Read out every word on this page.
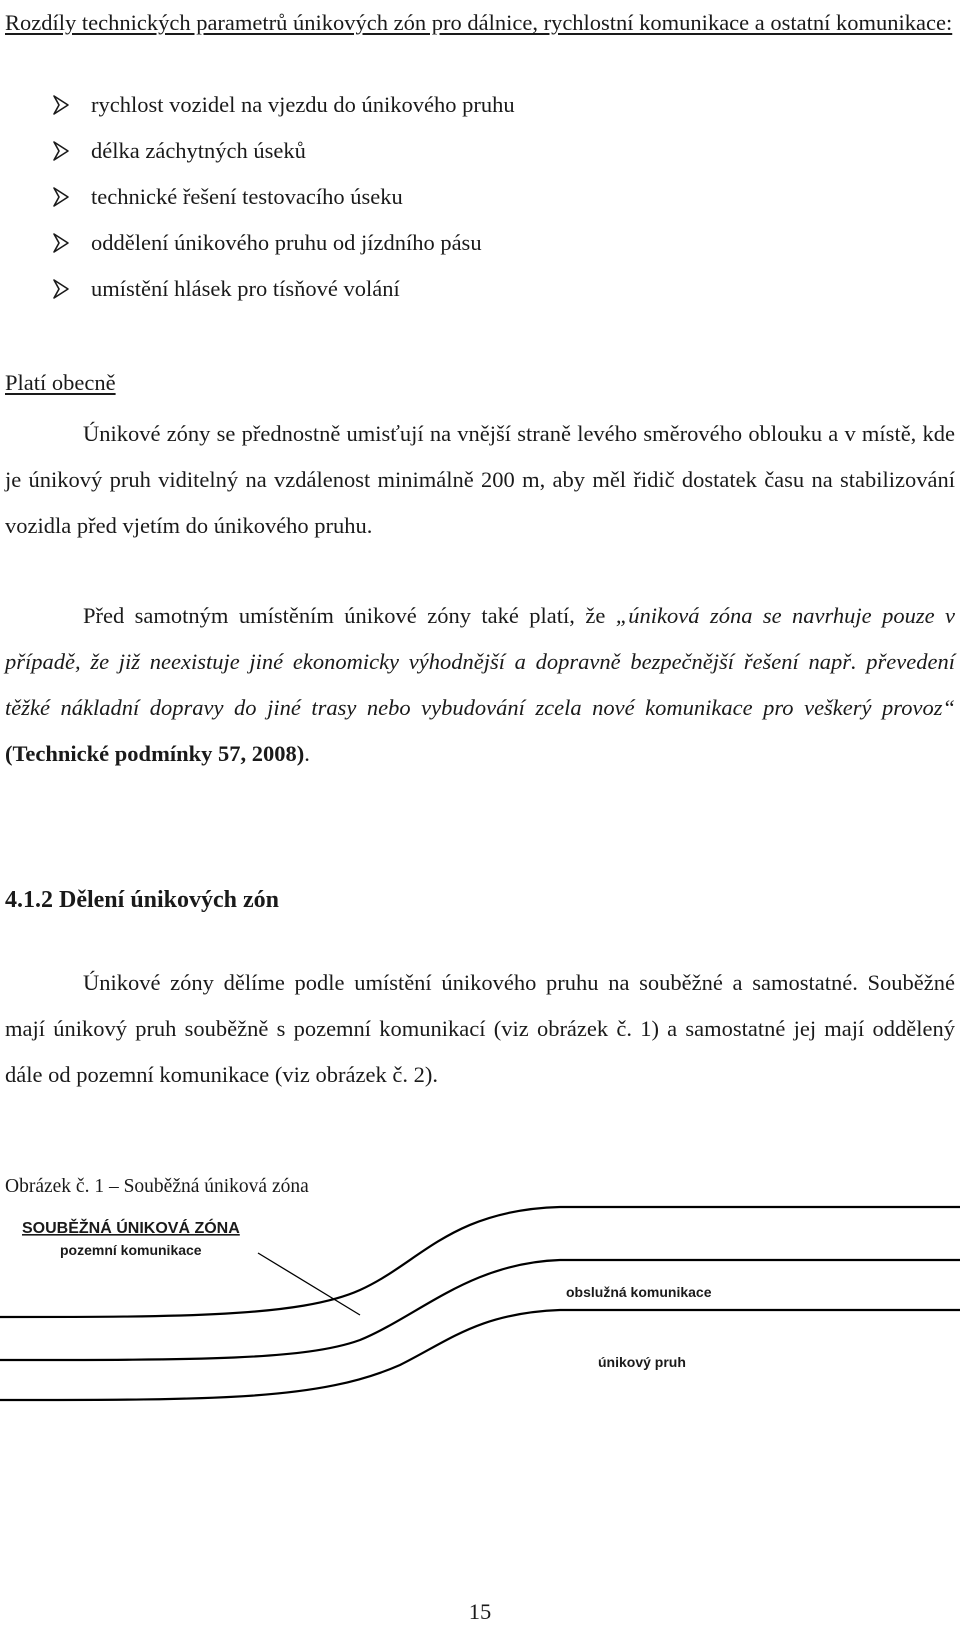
Rozdíly technických parametrů únikových zón pro dálnice, rychlostní komunikace a ostatní komunikace:

rychlost vozidel na vjezdu do únikového pruhu
délka záchytných úseků
technické řešení testovacího úseku
oddělení únikového pruhu od jízdního pásu
umístění hlásek pro tísňové volání

Platí obecně

Únikové zóny se přednostně umisťují na vnější straně levého směrového oblouku a v místě, kde je únikový pruh viditelný na vzdálenost minimálně 200 m, aby měl řidič dostatek času na stabilizování vozidla před vjetím do únikového pruhu.

Před samotným umístěním únikové zóny také platí, že „úniková zóna se navrhuje pouze v případě, že již neexistuje jiné ekonomicky výhodnější a dopravně bezpečnější řešení např. převedení těžké nákladní dopravy do jiné trasy nebo vybudování zcela nové komunikace pro veškerý provoz“ (Technické podmínky 57, 2008).

4.1.2 Dělení únikových zón

Únikové zóny dělíme podle umístění únikového pruhu na souběžné a samostatné. Souběžné mají únikový pruh souběžně s pozemní komunikací (viz obrázek č. 1) a samostatné jej mají oddělený dále od pozemní komunikace (viz obrázek č. 2).

Obrázek č. 1 – Souběžná úniková zóna

SOUBĚŽNÁ ÚNIKOVÁ ZÓNA
pozemní komunikace
obslužná komunikace
únikový pruh

15
